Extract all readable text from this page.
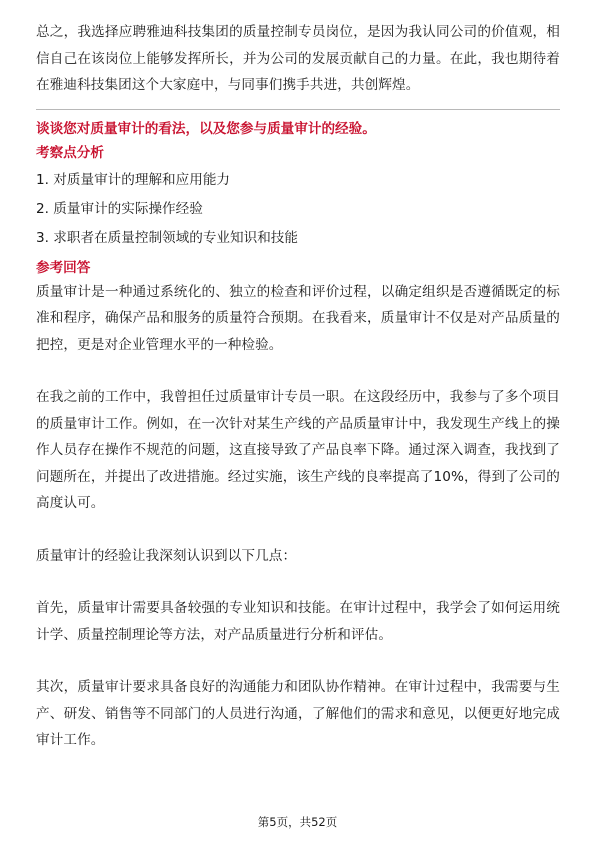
总之，我选择应聘雅迪科技集团的质量控制专员岗位，是因为我认同公司的价值观，相信自己在该岗位上能够发挥所长，并为公司的发展贡献自己的力量。在此，我也期待着在雅迪科技集团这个大家庭中，与同事们携手共进，共创辉煌。

谈谈您对质量审计的看法，以及您参与质量审计的经验。

考察点分析

1. 对质量审计的理解和应用能力
2. 质量审计的实际操作经验
3. 求职者在质量控制领域的专业知识和技能

参考回答

质量审计是一种通过系统化的、独立的检查和评价过程，以确定组织是否遵循既定的标准和程序，确保产品和服务的质量符合预期。在我看来，质量审计不仅是对产品质量的把控，更是对企业管理水平的一种检验。

在我之前的工作中，我曾担任过质量审计专员一职。在这段经历中，我参与了多个项目的质量审计工作。例如，在一次针对某生产线的产品质量审计中，我发现生产线上的操作人员存在操作不规范的问题，这直接导致了产品良率下降。通过深入调查，我找到了问题所在，并提出了改进措施。经过实施，该生产线的良率提高了10%，得到了公司的高度认可。

质量审计的经验让我深刻认识到以下几点：

首先，质量审计需要具备较强的专业知识和技能。在审计过程中，我学会了如何运用统计学、质量控制理论等方法，对产品质量进行分析和评估。

其次，质量审计要求具备良好的沟通能力和团队协作精神。在审计过程中，我需要与生产、研发、销售等不同部门的人员进行沟通，了解他们的需求和意见，以便更好地完成审计工作。

第5页，共52页
